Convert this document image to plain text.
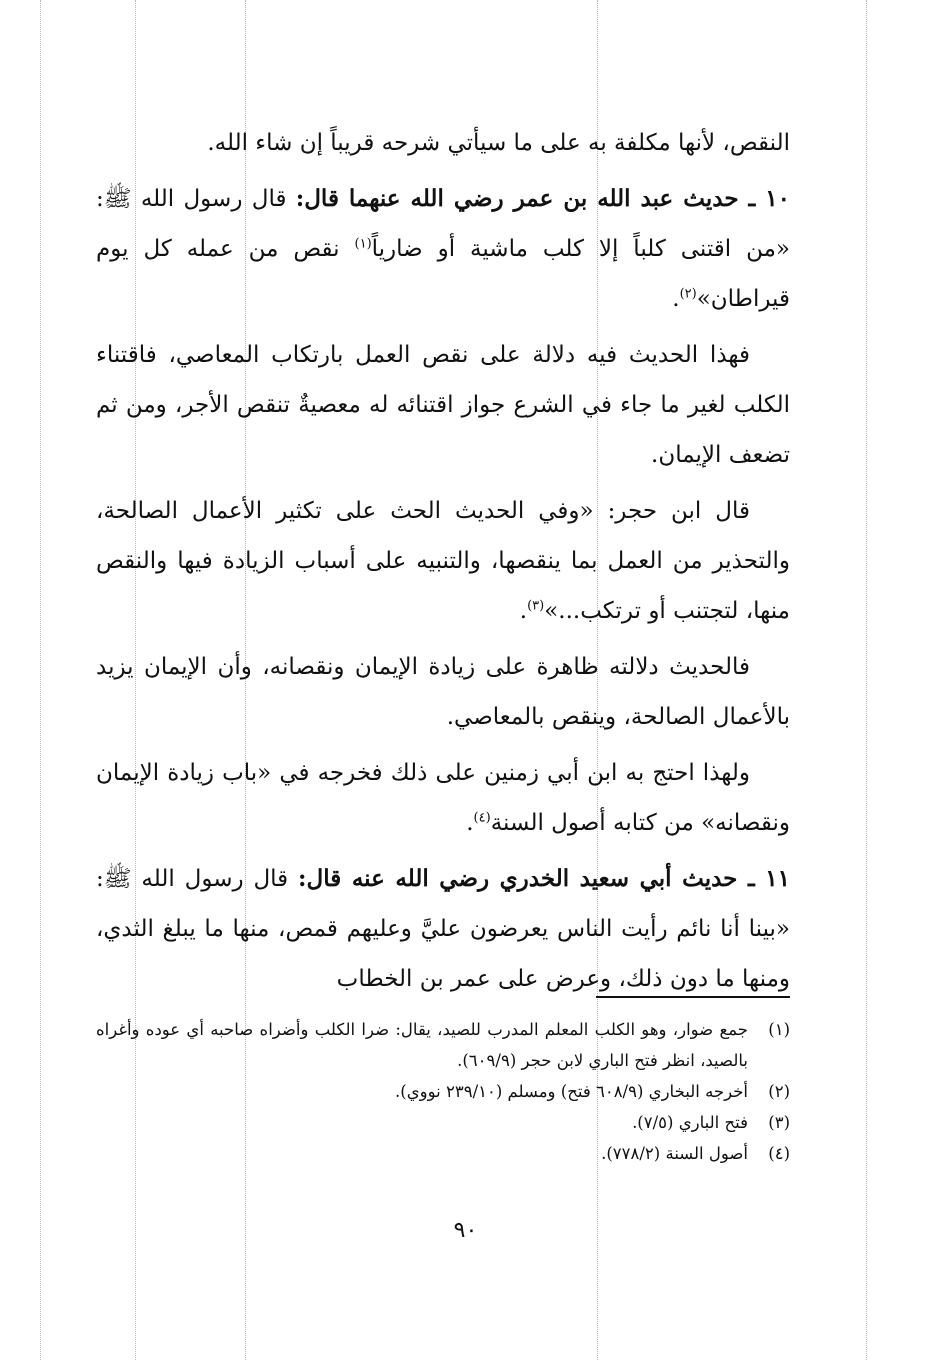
النقص، لأنها مكلفة به على ما سيأتي شرحه قريباً إن شاء الله.

١٠ ـ حديث عبد الله بن عمر رضي الله عنهما قال: قال رسول الله ﷺ: «من اقتنى كلباً إلا كلب ماشية أو ضارياً$^{(١)}$ نقص من عمله كل يوم قيراطان»$^{(٢)}$.

فهذا الحديث فيه دلالة على نقص العمل بارتكاب المعاصي، فاقتناء الكلب لغير ما جاء في الشرع جواز اقتنائه له معصيةٌ تنقص الأجر، ومن ثم تضعف الإيمان.

قال ابن حجر: «وفي الحديث الحث على تكثير الأعمال الصالحة، والتحذير من العمل بما ينقصها، والتنبيه على أسباب الزيادة فيها والنقص منها، لتجتنب أو ترتكب...»$^{(٣)}$.

فالحديث دلالته ظاهرة على زيادة الإيمان ونقصانه، وأن الإيمان يزيد بالأعمال الصالحة، وينقص بالمعاصي.

ولهذا احتج به ابن أبي زمنين على ذلك فخرجه في «باب زيادة الإيمان ونقصانه» من كتابه أصول السنة$^{(٤)}$.

١١ ـ حديث أبي سعيد الخدري رضي الله عنه قال: قال رسول الله ﷺ: «بينا أنا نائم رأيت الناس يعرضون عليَّ وعليهم قمص، منها ما يبلغ الثدي، ومنها ما دون ذلك، وعرض على عمر بن الخطاب

(١)
جمع ضوار، وهو الكلب المعلم المدرب للصيد، يقال: ضرا الكلب وأضراه صاحبه أي عوده وأغراه بالصيد، انظر فتح الباري لابن حجر (٦٠٩/٩).
(٢)
أخرجه البخاري (٦٠٨/٩ فتح) ومسلم (٢٣٩/١٠ نووي).
(٣)
فتح الباري (٧/٥).
(٤)
أصول السنة (٧٧٨/٢).
٩٠
